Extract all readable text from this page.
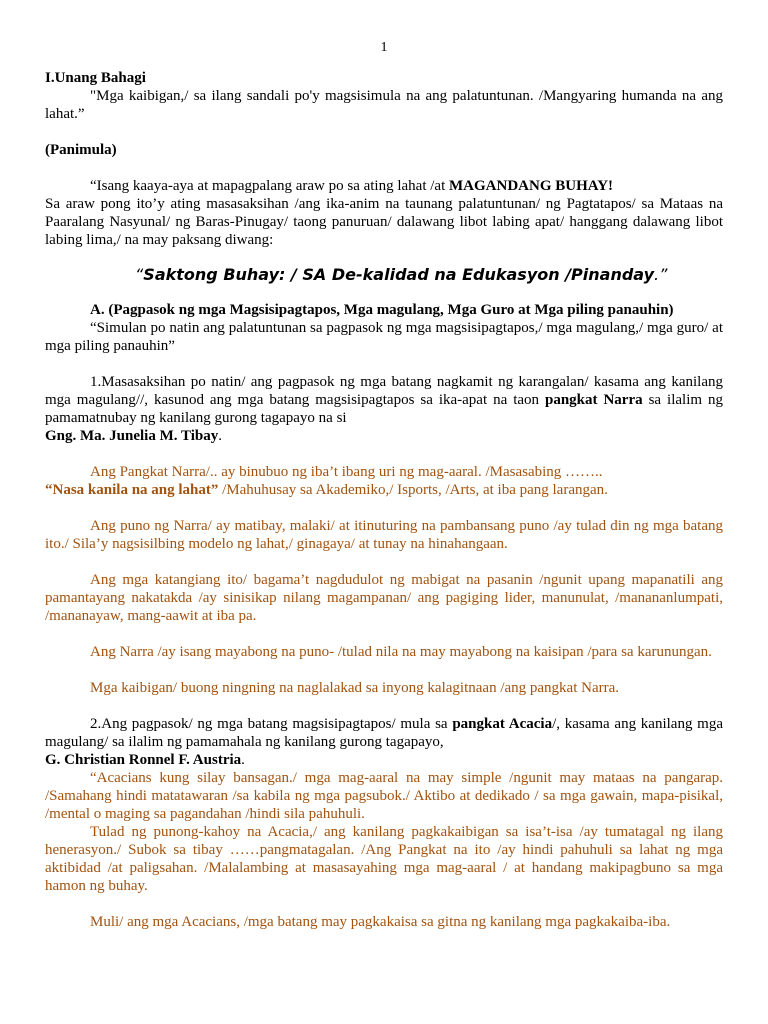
1

I.Unang Bahagi

"Mga kaibigan,/ sa ilang sandali po'y magsisimula na ang palatuntunan. /Mangyaring humanda na ang lahat.”

(Panimula)

“Isang kaaya-aya at mapagpalang araw po sa ating lahat /at MAGANDANG BUHAY!

Sa araw pong ito’y ating masasaksihan /ang ika-anim na taunang palatuntunan/ ng Pagtatapos/ sa Mataas na Paaralang Nasyunal/ ng Baras-Pinugay/ taong panuruan/ dalawang libot labing apat/ hanggang dalawang libot labing lima,/ na may paksang diwang:

“Saktong Buhay: / SA De-kalidad na Edukasyon /Pinanday.”

A. (Pagpasok ng mga Magsisipagtapos, Mga magulang, Mga Guro at Mga piling panauhin)

“Simulan po natin ang palatuntunan sa pagpasok ng mga magsisipagtapos,/ mga magulang,/ mga guro/ at mga piling panauhin”

1.Masasaksihan po natin/ ang pagpasok ng mga batang nagkamit ng karangalan/ kasama ang kanilang mga magulang//, kasunod ang mga batang magsisipagtapos sa ika-apat na taon pangkat Narra sa ilalim ng pamamatnubay ng kanilang gurong tagapayo na si

Gng. Ma. Junelia M. Tibay.

Ang Pangkat Narra/.. ay binubuo ng iba’t ibang uri ng mag-aaral. /Masasabing ……..
“Nasa kanila na ang lahat” /Mahuhusay sa Akademiko,/ Isports, /Arts, at iba pang larangan.

Ang puno ng Narra/ ay matibay, malaki/ at itinuturing na pambansang puno /ay tulad din ng mga batang ito./ Sila’y nagsisilbing modelo ng lahat,/ ginagaya/ at tunay na hinahangaan.

Ang mga katangiang ito/ bagama’t nagdudulot ng mabigat na pasanin /ngunit upang mapanatili ang pamantayang nakatakda /ay sinisikap nilang magampanan/ ang pagiging lider, manunulat, /manananlumpati, /mananayaw, mang-aawit at iba pa.

Ang Narra /ay isang mayabong na puno- /tulad nila na may mayabong na kaisipan /para sa karunungan.

Mga kaibigan/ buong ningning na naglalakad sa inyong kalagitnaan /ang pangkat Narra.

2.Ang pagpasok/ ng mga batang magsisipagtapos/ mula sa pangkat Acacia/, kasama ang kanilang mga magulang/ sa ilalim ng pamamahala ng kanilang gurong tagapayo,

G. Christian Ronnel F. Austria.

“Acacians kung silay bansagan./ mga mag-aaral na may simple /ngunit may mataas na pangarap. /Samahang hindi matatawaran /sa kabila ng mga pagsubok./ Aktibo at dedikado / sa mga gawain, mapa-pisikal, /mental o maging sa pagandahan /hindi sila pahuhuli.

Tulad ng punong-kahoy na Acacia,/ ang kanilang pagkakaibigan sa isa’t-isa /ay tumatagal ng ilang henerasyon./ Subok sa tibay ……pangmatagalan. /Ang Pangkat na ito /ay hindi pahuhuli sa lahat ng mga aktibidad /at paligsahan. /Malalambing at masasayahing mga mag-aaral / at handang makipagbuno sa mga hamon ng buhay.

Muli/ ang mga Acacians, /mga batang may pagkakaisa sa gitna ng kanilang mga pagkakaiba-iba.
